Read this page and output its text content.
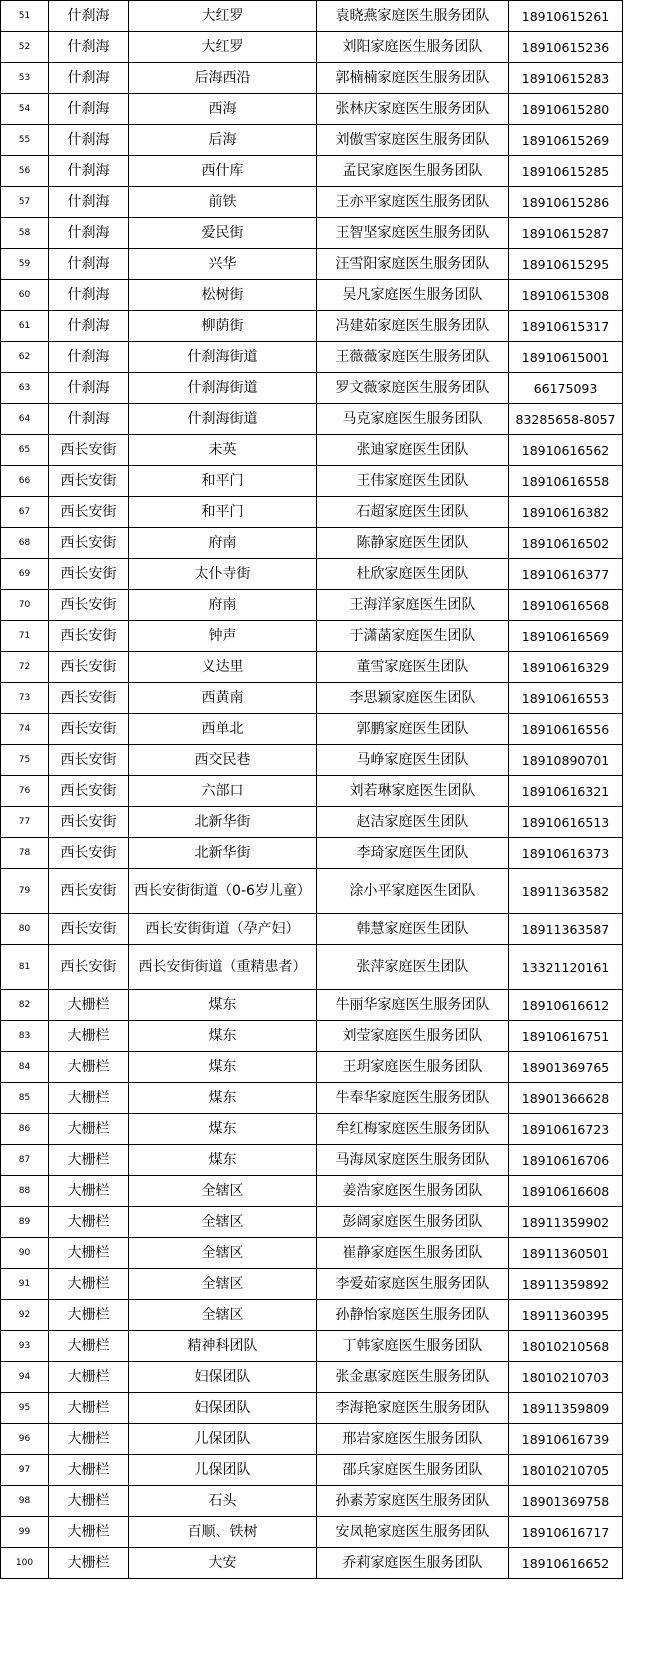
51	什刹海	大红罗	袁晓燕家庭医生服务团队	18910615261
52	什刹海	大红罗	刘阳家庭医生服务团队	18910615236
53	什刹海	后海西沿	郭楠楠家庭医生服务团队	18910615283
54	什刹海	西海	张林庆家庭医生服务团队	18910615280
55	什刹海	后海	刘傲雪家庭医生服务团队	18910615269
56	什刹海	西什库	孟民家庭医生服务团队	18910615285
57	什刹海	前铁	王亦平家庭医生服务团队	18910615286
58	什刹海	爱民街	王智坚家庭医生服务团队	18910615287
59	什刹海	兴华	汪雪阳家庭医生服务团队	18910615295
60	什刹海	松树街	吴凡家庭医生服务团队	18910615308
61	什刹海	柳荫街	冯建茹家庭医生服务团队	18910615317
62	什刹海	什刹海街道	王薇薇家庭医生服务团队	18910615001
63	什刹海	什刹海街道	罗文薇家庭医生服务团队	66175093
64	什刹海	什刹海街道	马克家庭医生服务团队	83285658-8057
65	西长安街	未英	张迪家庭医生团队	18910616562
66	西长安街	和平门	王伟家庭医生团队	18910616558
67	西长安街	和平门	石超家庭医生团队	18910616382
68	西长安街	府南	陈静家庭医生团队	18910616502
69	西长安街	太仆寺街	杜欣家庭医生团队	18910616377
70	西长安街	府南	王海洋家庭医生团队	18910616568
71	西长安街	钟声	于潇菡家庭医生团队	18910616569
72	西长安街	义达里	董雪家庭医生团队	18910616329
73	西长安街	西黄南	李思颖家庭医生团队	18910616553
74	西长安街	西单北	郭鹏家庭医生团队	18910616556
75	西长安街	西交民巷	马峥家庭医生团队	18910890701
76	西长安街	六部口	刘若琳家庭医生团队	18910616321
77	西长安街	北新华街	赵洁家庭医生团队	18910616513
78	西长安街	北新华街	李琦家庭医生团队	18910616373
79	西长安街	西长安街街道（0-6岁儿童）	涂小平家庭医生团队	18911363582
80	西长安街	西长安街街道（孕产妇）	韩慧家庭医生团队	18911363587
81	西长安街	西长安街街道（重精患者）	张萍家庭医生团队	13321120161
82	大栅栏	煤东	牛丽华家庭医生服务团队	18910616612
83	大栅栏	煤东	刘莹家庭医生服务团队	18910616751
84	大栅栏	煤东	王玥家庭医生服务团队	18901369765
85	大栅栏	煤东	牛奉华家庭医生服务团队	18901366628
86	大栅栏	煤东	牟红梅家庭医生服务团队	18910616723
87	大栅栏	煤东	马海凤家庭医生服务团队	18910616706
88	大栅栏	全辖区	姜浩家庭医生服务团队	18910616608
89	大栅栏	全辖区	彭阔家庭医生服务团队	18911359902
90	大栅栏	全辖区	崔静家庭医生服务团队	18911360501
91	大栅栏	全辖区	李爱茹家庭医生服务团队	18911359892
92	大栅栏	全辖区	孙静怡家庭医生服务团队	18911360395
93	大栅栏	精神科团队	丁韩家庭医生服务团队	18010210568
94	大栅栏	妇保团队	张金惠家庭医生服务团队	18010210703
95	大栅栏	妇保团队	李海艳家庭医生服务团队	18911359809
96	大栅栏	儿保团队	邢岩家庭医生服务团队	18910616739
97	大栅栏	儿保团队	邵兵家庭医生服务团队	18010210705
98	大栅栏	石头	孙素芳家庭医生服务团队	18901369758
99	大栅栏	百顺、铁树	安凤艳家庭医生服务团队	18910616717
100	大栅栏	大安	乔莉家庭医生服务团队	18910616652
